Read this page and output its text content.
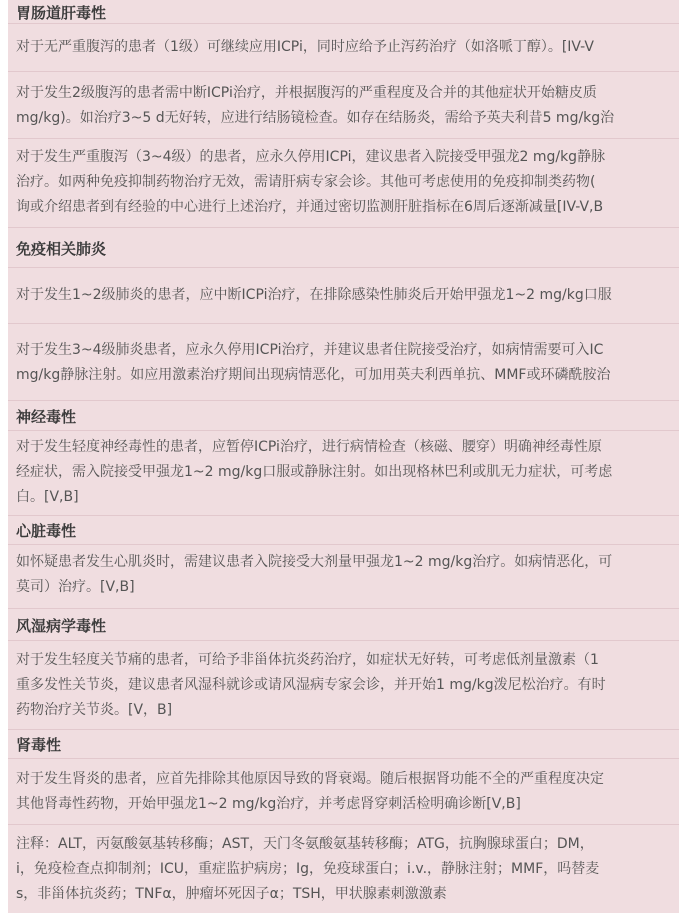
胃肠道肝毒性
对于无严重腹泻的患者（1级）可继续应用ICPi，同时应给予止泻药治疗（如洛哌丁醇）。[IV-V
对于发生2级腹泻的患者需中断ICPi治疗，并根据腹泻的严重程度及合并的其他症状开始糖皮质
mg/kg)。如治疗3~5 d无好转，应进行结肠镜检查。如存在结肠炎，需给予英夫利昔5 mg/kg治
对于发生严重腹泻（3~4级）的患者，应永久停用ICPi，建议患者入院接受甲强龙2 mg/kg静脉
治疗。如两种免疫抑制药物治疗无效，需请肝病专家会诊。其他可考虑使用的免疫抑制类药物(
询或介绍患者到有经验的中心进行上述治疗，并通过密切监测肝脏指标在6周后逐渐减量[IV-V,B
免疫相关肺炎
对于发生1~2级肺炎的患者，应中断ICPi治疗，在排除感染性肺炎后开始甲强龙1~2 mg/kg口服
对于发生3~4级肺炎患者，应永久停用ICPi治疗，并建议患者住院接受治疗，如病情需要可入IC
mg/kg静脉注射。如应用激素治疗期间出现病情恶化，可加用英夫利西单抗、MMF或环磷酰胺治
神经毒性
对于发生轻度神经毒性的患者，应暂停ICPi治疗，进行病情检查（核磁、腰穿）明确神经毒性原
经症状，需入院接受甲强龙1~2 mg/kg口服或静脉注射。如出现格林巴利或肌无力症状，可考虑
白。[V,B]
心脏毒性
如怀疑患者发生心肌炎时，需建议患者入院接受大剂量甲强龙1~2 mg/kg治疗。如病情恶化，可
莫司）治疗。[V,B]
风湿病学毒性
对于发生轻度关节痛的患者，可给予非甾体抗炎药治疗，如症状无好转，可考虑低剂量激素（1
重多发性关节炎，建议患者风湿科就诊或请风湿病专家会诊，并开始1 mg/kg泼尼松治疗。有时
药物治疗关节炎。[V，B]
肾毒性
对于发生肾炎的患者，应首先排除其他原因导致的肾衰竭。随后根据肾功能不全的严重程度决定
其他肾毒性药物，开始甲强龙1~2 mg/kg治疗，并考虑肾穿刺活检明确诊断[V,B]
注释：ALT，丙氨酸氨基转移酶；AST，天门冬氨酸氨基转移酶；ATG，抗胸腺球蛋白；DM，
i，免疫检查点抑制剂；ICU，重症监护病房；Ig，免疫球蛋白；i.v.，静脉注射；MMF，吗替麦
s，非甾体抗炎药；TNFα，肿瘤坏死因子α；TSH，甲状腺素刺激激素
